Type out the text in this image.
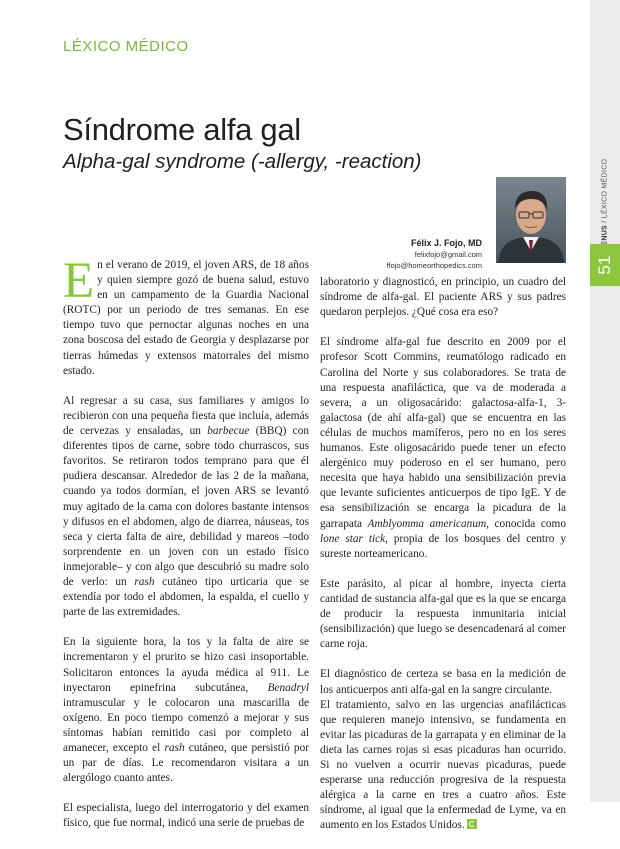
/ LÉXICO MÉDICO
51
LÉXICO MÉDICO
Síndrome alfa gal
Alpha-gal syndrome (-allergy, -reaction)
Félix J. Fojo, MD
felixfojo@gmail.com
ffojo@homeorthopedics.com

En el verano de 2019, el joven ARS, de 18 años y quien siempre gozó de buena salud, estuvo en un campamento de la Guardia Nacional (ROTC) por un periodo de tres semanas. En ese tiempo tuvo que pernoctar algunas noches en una zona boscosa del estado de Georgia y desplazarse por tierras húmedas y extensos matorrales del mismo estado.

Al regresar a su casa, sus familiares y amigos lo recibieron con una pequeña fiesta que incluía, además de cervezas y ensaladas, un barbecue (BBQ) con diferentes tipos de carne, sobre todo churrascos, sus favoritos. Se retiraron todos temprano para que él pudiera descansar. Alrededor de las 2 de la mañana, cuando ya todos dormían, el joven ARS se levantó muy agitado de la cama con dolores bastante intensos y difusos en el abdomen, algo de diarrea, náuseas, tos seca y cierta falta de aire, debilidad y mareos –todo sorprendente en un joven con un estado físico inmejorable– y con algo que descubrió su madre solo de verlo: un rash cutáneo tipo urticaria que se extendía por todo el abdomen, la espalda, el cuello y parte de las extremidades.

En la siguiente hora, la tos y la falta de aire se incrementaron y el prurito se hizo casi insoportable. Solicitaron entonces la ayuda médica al 911. Le inyectaron epinefrina subcutánea, Benadryl intramuscular y le colocaron una mascarilla de oxígeno. En poco tiempo comenzó a mejorar y sus síntomas habían remitido casi por completo al amanecer, excepto el rash cutáneo, que persistió por un par de días. Le recomendaron visitara a un alergólogo cuanto antes.

El especialista, luego del interrogatorio y del examen físico, que fue normal, indicó una serie de pruebas de

laboratorio y diagnosticó, en principio, un cuadro del síndrome de alfa-gal. El paciente ARS y sus padres quedaron perplejos. ¿Qué cosa era eso?

El síndrome alfa-gal fue descrito en 2009 por el profesor Scott Commins, reumatólogo radicado en Carolina del Norte y sus colaboradores. Se trata de una respuesta anafiláctica, que va de moderada a severa, a un oligosacárido: galactosa-alfa-1, 3-galactosa (de ahí alfa-gal) que se encuentra en las células de muchos mamíferos, pero no en los seres humanos. Este oligosacárido puede tener un efecto alergénico muy poderoso en el ser humano, pero necesita que haya habido una sensibilización previa que levante suficientes anticuerpos de tipo IgE. Y de esa sensibilización se encarga la picadura de la garrapata Amblyomma americanum, conocida como lone star tick, propia de los bosques del centro y sureste norteamericano.

Este parásito, al picar al hombre, inyecta cierta cantidad de sustancia alfa-gal que es la que se encarga de producir la respuesta inmunitaria inicial (sensibilización) que luego se desencadenará al comer carne roja.

El diagnóstico de certeza se basa en la medición de los anticuerpos anti alfa-gal en la sangre circulante.

El tratamiento, salvo en las urgencias anafilácticas que requieren manejo intensivo, se fundamenta en evitar las picaduras de la garrapata y en eliminar de la dieta las carnes rojas si esas picaduras han ocurrido. Si no vuelven a ocurrir nuevas picaduras, puede esperarse una reducción progresiva de la respuesta alérgica a la carne en tres a cuatro años. Este síndrome, al igual que la enfermedad de Lyme, va en aumento en los Estados Unidos.
